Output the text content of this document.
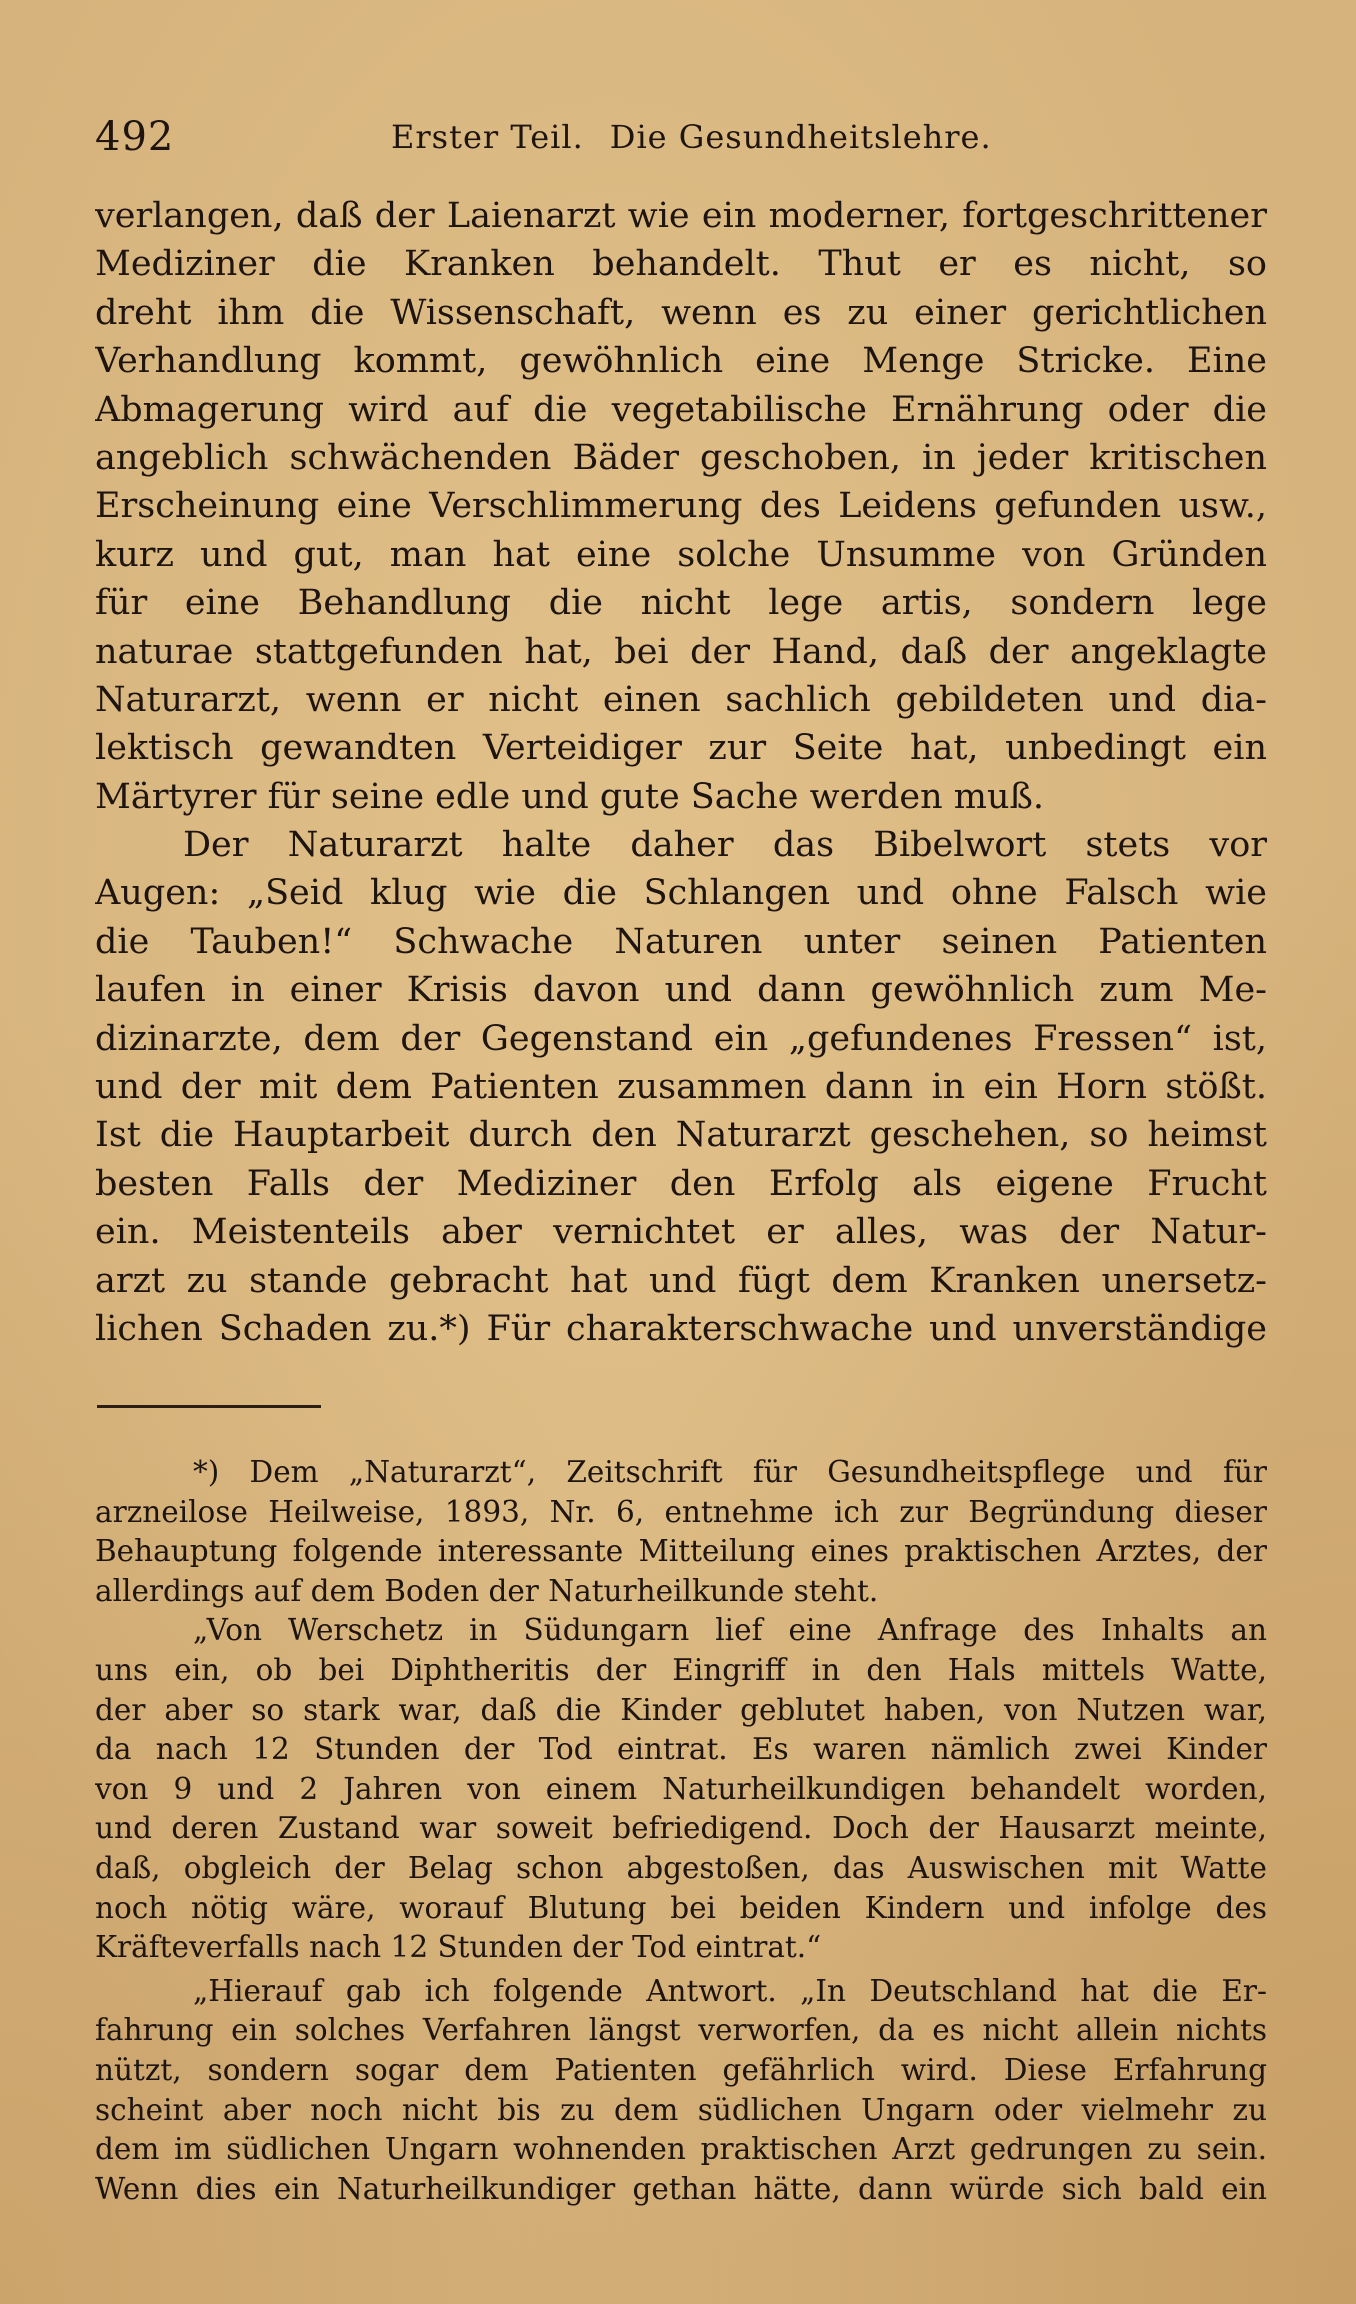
492	Erster Teil. Die Gesundheitslehre.
verlangen, daß der Laienarzt wie ein moderner, fortgeschrittener
Mediziner die Kranken behandelt. Thut er es nicht, so
dreht ihm die Wissenschaft, wenn es zu einer gerichtlichen
Verhandlung kommt, gewöhnlich eine Menge Stricke. Eine
Abmagerung wird auf die vegetabilische Ernährung oder die
angeblich schwächenden Bäder geschoben, in jeder kritischen
Erscheinung eine Verschlimmerung des Leidens gefunden usw.,
kurz und gut, man hat eine solche Unsumme von Gründen
für eine Behandlung die nicht lege artis, sondern lege
naturae stattgefunden hat, bei der Hand, daß der angeklagte
Naturarzt, wenn er nicht einen sachlich gebildeten und dia-
lektisch gewandten Verteidiger zur Seite hat, unbedingt ein
Märtyrer für seine edle und gute Sache werden muß.
Der Naturarzt halte daher das Bibelwort stets vor
Augen: „Seid klug wie die Schlangen und ohne Falsch wie
die Tauben!“ Schwache Naturen unter seinen Patienten
laufen in einer Krisis davon und dann gewöhnlich zum Me-
dizinarzte, dem der Gegenstand ein „gefundenes Fressen“ ist,
und der mit dem Patienten zusammen dann in ein Horn stößt.
Ist die Hauptarbeit durch den Naturarzt geschehen, so heimst
besten Falls der Mediziner den Erfolg als eigene Frucht
ein. Meistenteils aber vernichtet er alles, was der Natur-
arzt zu stande gebracht hat und fügt dem Kranken unersetz-
lichen Schaden zu.*) Für charakterschwache und unverständige
*) Dem „Naturarzt“, Zeitschrift für Gesundheitspflege und für
arzneilose Heilweise, 1893, Nr. 6, entnehme ich zur Begründung dieser
Behauptung folgende interessante Mitteilung eines praktischen Arztes, der
allerdings auf dem Boden der Naturheilkunde steht.
„Von Werschetz in Südungarn lief eine Anfrage des Inhalts an
uns ein, ob bei Diphtheritis der Eingriff in den Hals mittels Watte,
der aber so stark war, daß die Kinder geblutet haben, von Nutzen war,
da nach 12 Stunden der Tod eintrat. Es waren nämlich zwei Kinder
von 9 und 2 Jahren von einem Naturheilkundigen behandelt worden,
und deren Zustand war soweit befriedigend. Doch der Hausarzt meinte,
daß, obgleich der Belag schon abgestoßen, das Auswischen mit Watte
noch nötig wäre, worauf Blutung bei beiden Kindern und infolge des
Kräfteverfalls nach 12 Stunden der Tod eintrat.“
„Hierauf gab ich folgende Antwort. „In Deutschland hat die Er-
fahrung ein solches Verfahren längst verworfen, da es nicht allein nichts
nützt, sondern sogar dem Patienten gefährlich wird. Diese Erfahrung
scheint aber noch nicht bis zu dem südlichen Ungarn oder vielmehr zu
dem im südlichen Ungarn wohnenden praktischen Arzt gedrungen zu sein.
Wenn dies ein Naturheilkundiger gethan hätte, dann würde sich bald ein
